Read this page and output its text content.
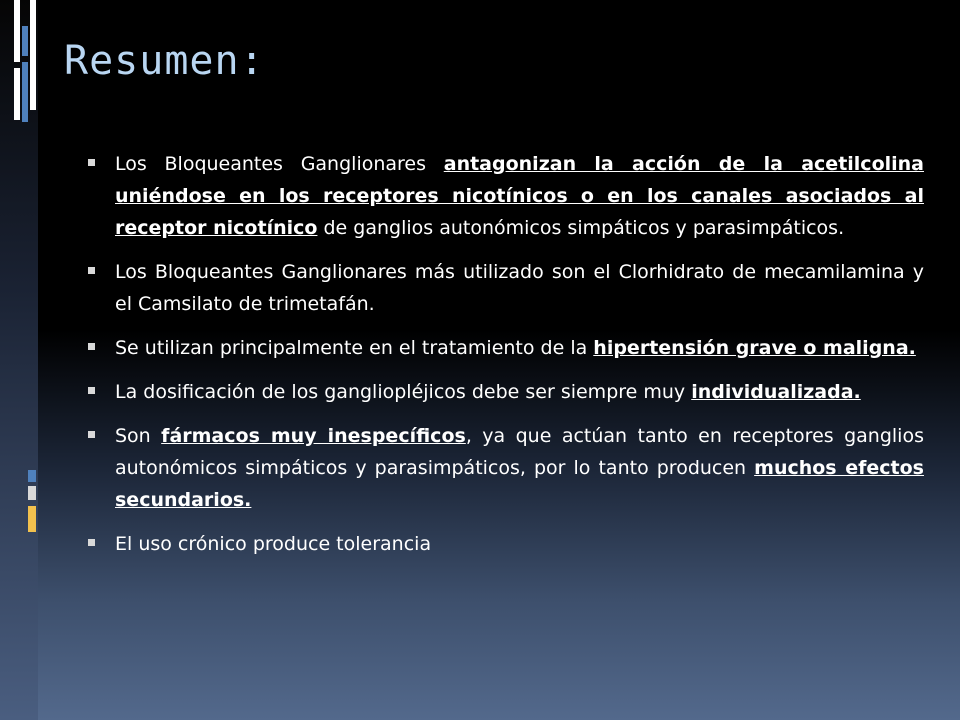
Resumen:
Los Bloqueantes Ganglionares antagonizan la acción de la acetilcolina uniéndose en los receptores nicotínicos o en los canales asociados al receptor nicotínico de ganglios autonómicos simpáticos y parasimpáticos.
Los Bloqueantes Ganglionares más utilizado son el Clorhidrato de mecamilamina y el Camsilato de trimetafán.
Se utilizan principalmente en el tratamiento de la hipertensión grave o maligna.
La dosificación de los gangliopléjicos debe ser siempre muy individualizada.
Son fármacos muy inespecíficos, ya que actúan tanto en receptores ganglios autonómicos simpáticos y parasimpáticos, por lo tanto producen muchos efectos secundarios.
El uso crónico produce tolerancia
